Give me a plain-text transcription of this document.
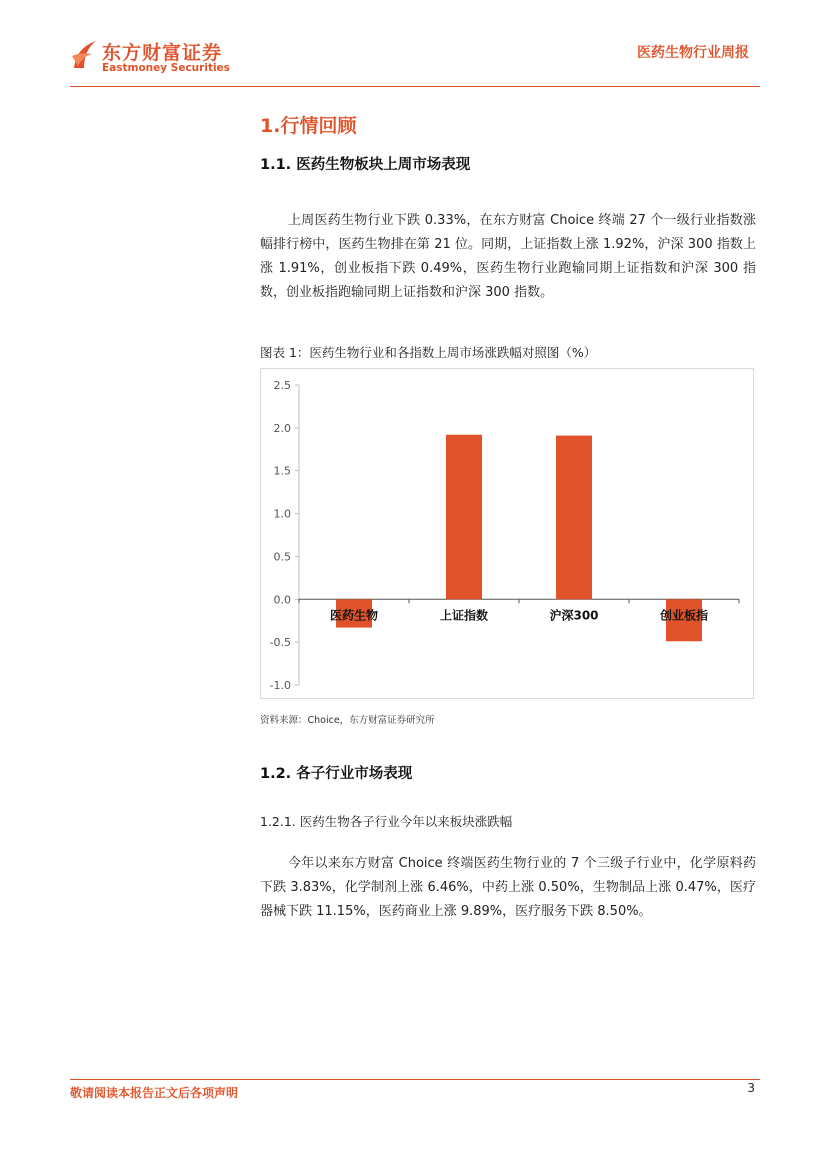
东方财富证券
Eastmoney Securities
医药生物行业周报
1.行情回顾
1.1. 医药生物板块上周市场表现
上周医药生物行业下跌 0.33%，在东方财富 Choice 终端 27 个一级行业指数涨幅排行榜中，医药生物排在第 21 位。同期，上证指数上涨 1.92%，沪深 300 指数上涨 1.91%，创业板指下跌 0.49%，医药生物行业跑输同期上证指数和沪深 300 指数，创业板指跑输同期上证指数和沪深 300 指数。
图表 1：医药生物行业和各指数上周市场涨跌幅对照图（%）
2.5
2.0
1.5
1.0
0.5
0.0
-0.5
-1.0
医药生物	上证指数	沪深300	创业板指
资料来源：Choice，东方财富证券研究所
1.2. 各子行业市场表现
1.2.1. 医药生物各子行业今年以来板块涨跌幅
今年以来东方财富 Choice 终端医药生物行业的 7 个三级子行业中，化学原料药下跌 3.83%，化学制剂上涨 6.46%，中药上涨 0.50%，生物制品上涨 0.47%，医疗器械下跌 11.15%，医药商业上涨 9.89%，医疗服务下跌 8.50%。
敬请阅读本报告正文后各项声明	3
